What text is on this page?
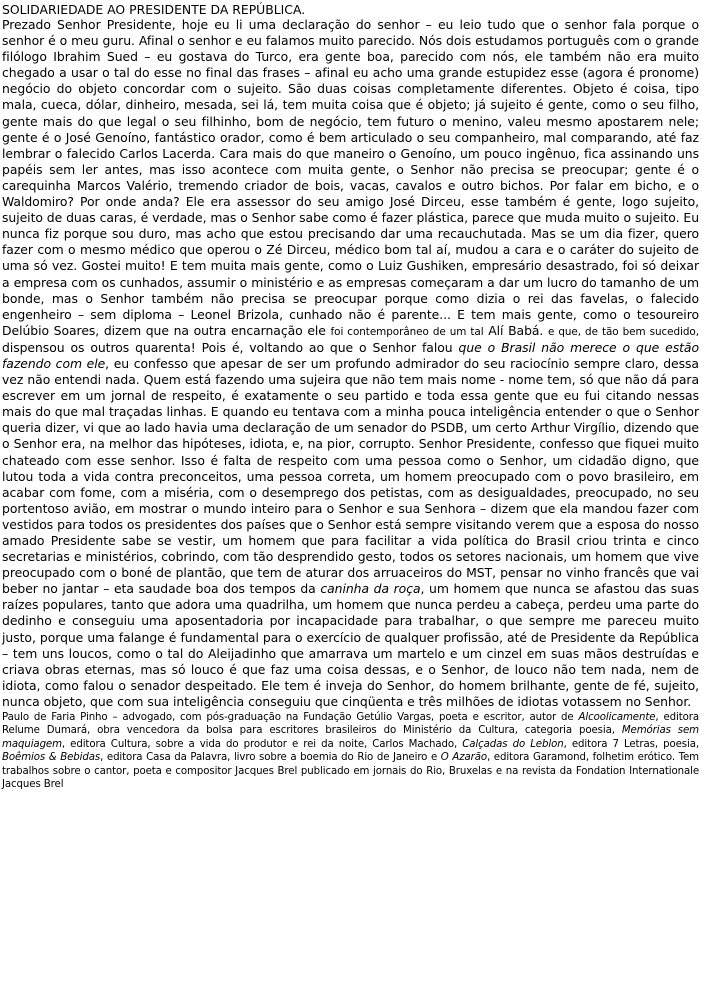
SOLIDARIEDADE AO PRESIDENTE DA REPÚBLICA.

Prezado Senhor Presidente, hoje eu li uma declaração do senhor – eu leio tudo que o senhor fala porque o senhor é o meu guru. Afinal o senhor e eu falamos muito parecido. Nós dois estudamos português com o grande filólogo Ibrahim Sued – eu gostava do Turco, era gente boa, parecido com nós, ele também não era muito chegado a usar o tal do esse no final das frases – afinal eu acho uma grande estupidez esse (agora é pronome) negócio do objeto concordar com o sujeito. São duas coisas completamente diferentes. Objeto é coisa, tipo mala, cueca, dólar, dinheiro, mesada, sei lá, tem muita coisa que é objeto; já sujeito é gente, como o seu filho, gente mais do que legal o seu filhinho, bom de negócio, tem futuro o menino, valeu mesmo apostarem nele; gente é o José Genoíno, fantástico orador, como é bem articulado o seu companheiro, mal comparando, até faz lembrar o falecido Carlos Lacerda. Cara mais do que maneiro o Genoíno, um pouco ingênuo, fica assinando uns papéis sem ler antes, mas isso acontece com muita gente, o Senhor não precisa se preocupar; gente é o carequinha Marcos Valério, tremendo criador de bois, vacas, cavalos e outro bichos. Por falar em bicho, e o Waldomiro? Por onde anda? Ele era assessor do seu amigo José Dirceu, esse também é gente, logo sujeito, sujeito de duas caras, é verdade, mas o Senhor sabe como é fazer plástica, parece que muda muito o sujeito. Eu nunca fiz porque sou duro, mas acho que estou precisando dar uma recauchutada. Mas se um dia fizer, quero fazer com o mesmo médico que operou o Zé Dirceu, médico bom tal aí, mudou a cara e o caráter do sujeito de uma só vez. Gostei muito! E tem muita mais gente, como o Luiz Gushiken, empresário desastrado, foi só deixar a empresa com os cunhados, assumir o ministério e as empresas começaram a dar um lucro do tamanho de um bonde, mas o Senhor também não precisa se preocupar porque como dizia o rei das favelas, o falecido engenheiro – sem diploma – Leonel Brizola, cunhado não é parente... E tem mais gente, como o tesoureiro Delúbio Soares, dizem que na outra encarnação ele foi contemporâneo de um tal Alí Babá. e que, de tão bem sucedido, dispensou os outros quarenta! Pois é, voltando ao que o Senhor falou que o Brasil não merece o que estão fazendo com ele, eu confesso que apesar de ser um profundo admirador do seu raciocínio sempre claro, dessa vez não entendi nada. Quem está fazendo uma sujeira que não tem mais nome - nome tem, só que não dá para escrever em um jornal de respeito, é exatamente o seu partido e toda essa gente que eu fui citando nessas mais do que mal traçadas linhas. E quando eu tentava com a minha pouca inteligência entender o que o Senhor queria dizer, vi que ao lado havia uma declaração de um senador do PSDB, um certo Arthur Virgílio, dizendo que o Senhor era, na melhor das hipóteses, idiota, e, na pior, corrupto. Senhor Presidente, confesso que fiquei muito chateado com esse senhor. Isso é falta de respeito com uma pessoa como o Senhor, um cidadão digno, que lutou toda a vida contra preconceitos, uma pessoa correta, um homem preocupado com o povo brasileiro, em acabar com fome, com a miséria, com o desemprego dos petistas, com as desigualdades, preocupado, no seu portentoso avião, em mostrar o mundo inteiro para o Senhor e sua Senhora – dizem que ela mandou fazer com vestidos para todos os presidentes dos países que o Senhor está sempre visitando verem que a esposa do nosso amado Presidente sabe se vestir, um homem que para facilitar a vida política do Brasil criou trinta e cinco secretarias e ministérios, cobrindo, com tão desprendido gesto, todos os setores nacionais, um homem que vive preocupado com o boné de plantão, que tem de aturar dos arruaceiros do MST, pensar no vinho francês que vai beber no jantar – eta saudade boa dos tempos da caninha da roça, um homem que nunca se afastou das suas raízes populares, tanto que adora uma quadrilha, um homem que nunca perdeu a cabeça, perdeu uma parte do dedinho e conseguiu uma aposentadoria por incapacidade para trabalhar, o que sempre me pareceu muito justo, porque uma falange é fundamental para o exercício de qualquer profissão, até de Presidente da República – tem uns loucos, como o tal do Aleijadinho que amarrava um martelo e um cinzel em suas mãos destruídas e criava obras eternas, mas só louco é que faz uma coisa dessas, e o Senhor, de louco não tem nada, nem de idiota, como falou o senador despeitado. Ele tem é inveja do Senhor, do homem brilhante, gente de fé, sujeito, nunca objeto, que com sua inteligência conseguiu que cinqüenta e três milhões de idiotas votassem no Senhor.

Paulo de Faria Pinho – advogado, com pós-graduação na Fundação Getúlio Vargas, poeta e escritor, autor de Alcoolicamente, editora Relume Dumará, obra vencedora da bolsa para escritores brasileiros do Ministério da Cultura, categoria poesia, Memórias sem maquiagem, editora Cultura, sobre a vida do produtor e rei da noite, Carlos Machado, Calçadas do Leblon, editora 7 Letras, poesia, Boêmios & Bebidas, editora Casa da Palavra, livro sobre a boemia do Rio de Janeiro e O Azarão, editora Garamond, folhetim erótico. Tem trabalhos sobre o cantor, poeta e compositor Jacques Brel publicado em jornais do Rio, Bruxelas e na revista da Fondation Internationale Jacques Brel
